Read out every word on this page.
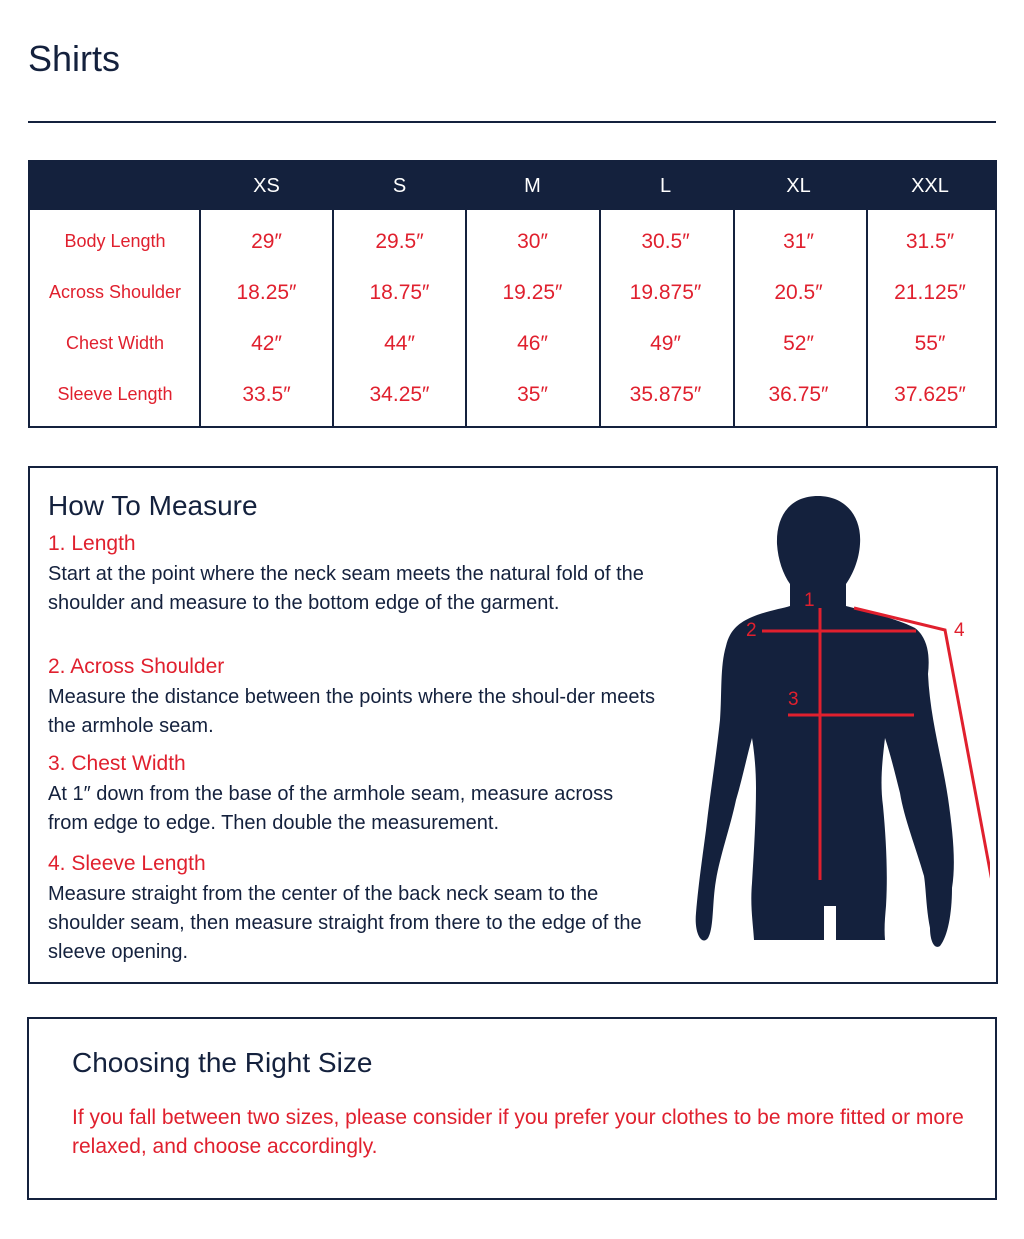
Shirts
XS	S	M	L	XL	XXL
Body Length	29″	29.5″	30″	30.5″	31″	31.5″
Across Shoulder	18.25″	18.75″	19.25″	19.875″	20.5″	21.125″
Chest Width	42″	44″	46″	49″	52″	55″
Sleeve Length	33.5″	34.25″	35″	35.875″	36.75″	37.625″
How To Measure
1. Length
Start at the point where the neck seam meets the natural fold of the shoulder and measure to the bottom edge of the garment.
2. Across Shoulder
Measure the distance between the points where the shoul-der meets the armhole seam.
3. Chest Width
At 1″ down from the base of the armhole seam, measure across from edge to edge. Then double the measurement.
4. Sleeve Length
Measure straight from the center of the back neck seam to the shoulder seam, then measure straight from there to the edge of the sleeve opening.
1
2
3
4
Choosing the Right Size
If you fall between two sizes, please consider if you prefer your clothes to be more fitted or more relaxed, and choose accordingly.
